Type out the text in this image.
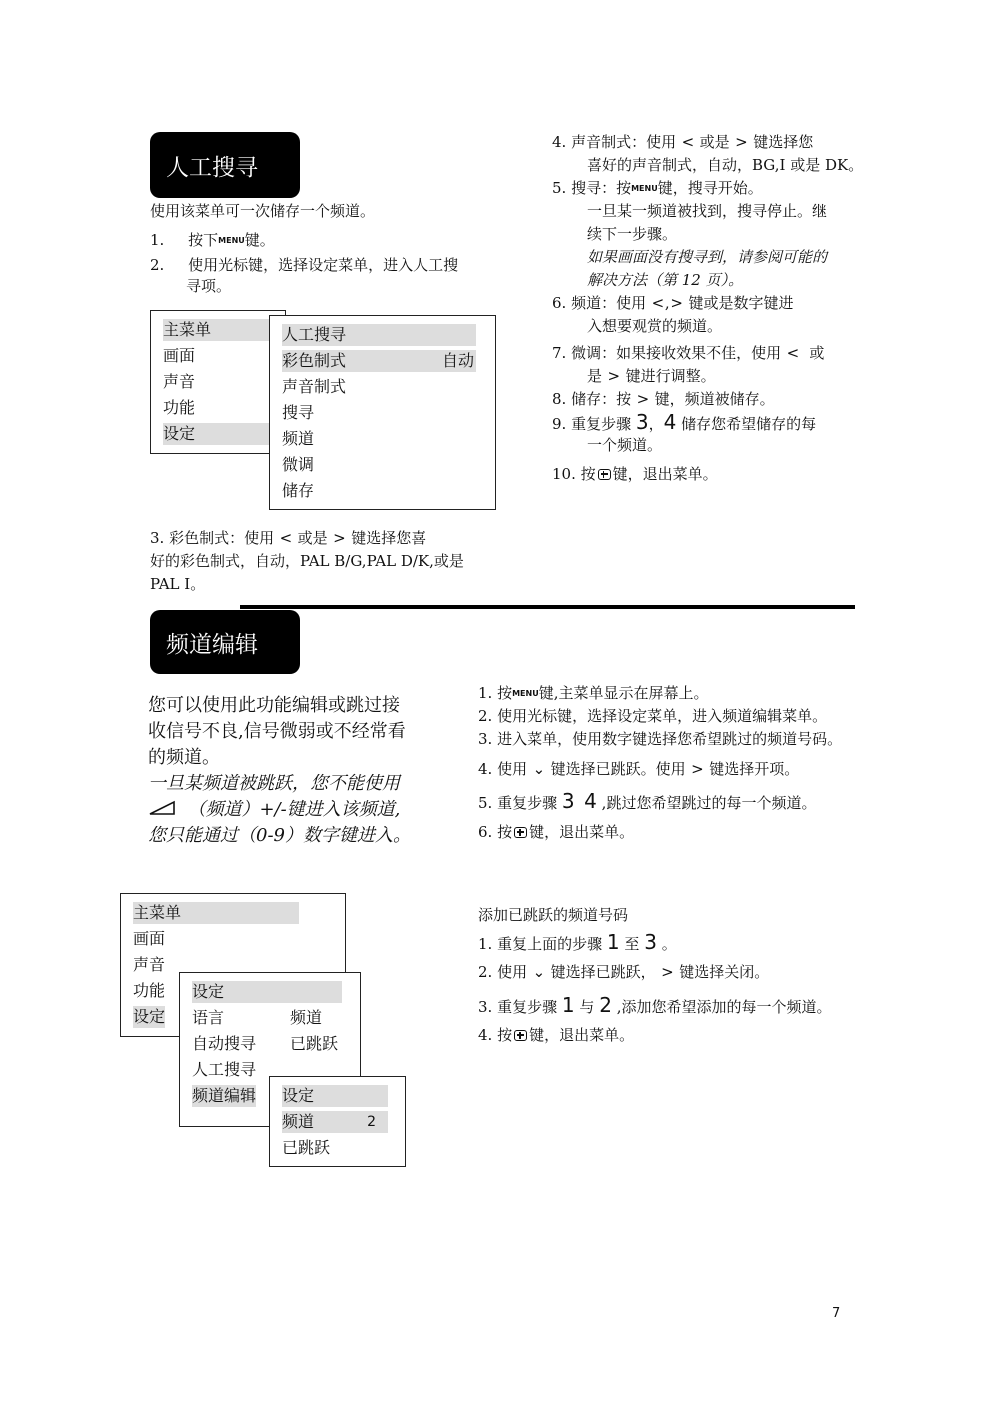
人工搜寻
使用该菜单可一次储存一个频道。
1. 按下MENU键。
2. 使用光标键，选择设定菜单，进入人工搜
寻项。
主菜单
画面
声音
功能
设定
人工搜寻
彩色制式	自动
声音制式
搜寻
频道
微调
储存
3. 彩色制式：使用 < 或是 > 键选择您喜
好的彩色制式，自动，PAL B/G,PAL D/K,或是
PAL I。
4. 声音制式：使用 < 或是 > 键选择您
喜好的声音制式，自动，BG,I 或是 DK。
5. 搜寻：按MENU键，搜寻开始。
一旦某一频道被找到，搜寻停止。继
续下一步骤。
如果画面没有搜寻到，请参阅可能的
解决方法（第 12 页）。
6. 频道：使用 <,> 键或是数字键进
入想要观赏的频道。
7. 微调：如果接收效果不佳，使用 < 或
是 > 键进行调整。
8. 储存：按 > 键，频道被储存。
9. 重复步骤 3，4 储存您希望储存的每
一个频道。
10. 按 键，退出菜单。
频道编辑
您可以使用此功能编辑或跳过接
收信号不良,信号微弱或不经常看
的频道。
一旦某频道被跳跃，您不能使用
（频道）+/-键进入该频道,
您只能通过（0-9）数字键进入。
1. 按MENU键,主菜单显示在屏幕上。
2. 使用光标键，选择设定菜单，进入频道编辑菜单。
3. 进入菜单，使用数字键选择您希望跳过的频道号码。
4. 使用 ⌄ 键选择已跳跃。使用 > 键选择开项。
5. 重复步骤 3 4 ,跳过您希望跳过的每一个频道。
6. 按 键，退出菜单。
主菜单
画面
声音
功能
设定
设定
语言	频道
自动搜寻 已跳跃
人工搜寻
频道编辑 设定
频道	2
已跳跃
添加已跳跃的频道号码
1. 重复上面的步骤 1 至 3 。
2. 使用 ⌄ 键选择已跳跃， > 键选择关闭。
3. 重复步骤 1 与 2 ,添加您希望添加的每一个频道。
4. 按 键，退出菜单。
7
